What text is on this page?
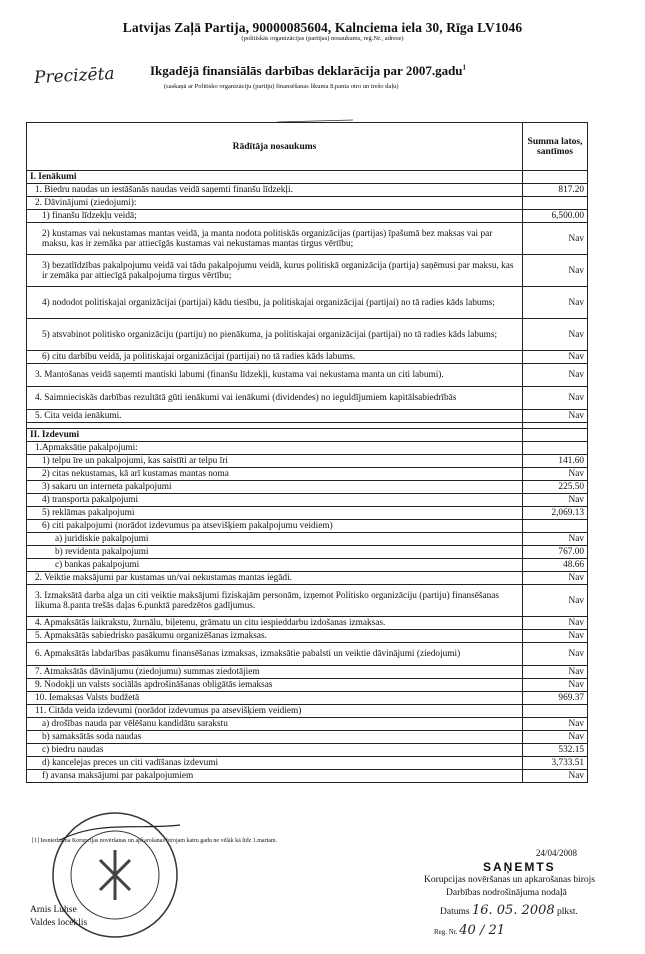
Latvijas Zaļā Partija, 90000085604, Kalnciema iela 30, Rīga LV1046
(politiskās organizācijas (partijas) nosaukums, reģ.Nr., adrese)
Precizēta	Ikgadējā finansiālās darbības deklarācija par 2007.gadu$^1$
(saskaņā ar Politisko organizāciju (partiju) finansēšanas likuma 8.panta otro un trešo daļu)
Rādītāja nosaukums	Summa latos, santīmos
I. Ienākumi	
1. Biedru naudas un iestāšanās naudas veidā saņemti finanšu līdzekļi.	817.20
2. Dāvinājumi (ziedojumi):	
1) finanšu līdzekļu veidā;	6,500.00
2) kustamas vai nekustamas mantas veidā, ja manta nodota politiskās organizācijas (partijas) īpašumā bez maksas vai par maksu, kas ir zemāka par attiecīgās kustamas vai nekustamas mantas tirgus vērtību;	Nav
3) bezatlīdzības pakalpojumu veidā vai tādu pakalpojumu veidā, kurus politiskā organizācija (partija) saņēmusi par maksu, kas ir zemāka par attiecīgā pakalpojuma tirgus vērtību;	Nav
4) nododot politiskajai organizācijai (partijai) kādu tiesību, ja politiskajai organizācijai (partijai) no tā radies kāds labums;	Nav
5) atsvabinot politisko organizāciju (partiju) no pienākuma, ja politiskajai organizācijai (partijai) no tā radies kāds labums;	Nav
6) citu darbību veidā, ja politiskajai organizācijai (partijai) no tā radies kāds labums.	Nav
3. Mantošanas veidā saņemti mantiski labumi (finanšu līdzekļi, kustama vai nekustama manta un citi labumi).	Nav
4. Saimnieciskās darbības rezultātā gūti ienākumi vai ienākumi (dividendes) no ieguldījumiem kapitālsabiedrībās	Nav
5. Cita veida ienākumi.	Nav

II. Izdevumi	
1.Apmaksātie pakalpojumi:	
1) telpu īre un pakalpojumi, kas saistīti ar telpu īri	141.60
2) citas nekustamas, kā arī kustamas mantas noma	Nav
3) sakaru un interneta pakalpojumi	225.50
4) transporta pakalpojumi	Nav
5) reklāmas pakalpojumi	2,069.13
6) citi pakalpojumi (norādot izdevumus pa atsevišķiem pakalpojumu veidiem)	
a) juridiskie pakalpojumi	Nav
b) revidenta pakalpojumi	767.00
c) bankas pakalpojumi	48.66
2. Veiktie maksājumi par kustamas un/vai nekustamas mantas iegādi.	Nav
3. Izmaksātā darba alga un citi veiktie maksājumi fiziskajām personām, izņemot Politisko organizāciju (partiju) finansēšanas likuma 8.panta trešās daļas 6.punktā paredzētos gadījumus.	Nav
4. Apmaksātās laikrakstu, žurnālu, biļetenu, grāmatu un citu iespieddarbu izdošanas izmaksas.	Nav
5. Apmaksātās sabiedrisko pasākumu organizēšanas izmaksas.	Nav
6. Apmaksātās labdarības pasākumu finansēšanas izmaksas, izmaksātie pabalsti un veiktie dāvinājumi (ziedojumi)	Nav
7. Atmaksātās dāvinājumu (ziedojumu) summas ziedotājiem	Nav
9. Nodokļi un valsts sociālās apdrošināšanas obligātās iemaksas	Nav
10. Iemaksas Valsts budžetā	969.37
11. Citāda veida izdevumi (norādot izdevumus pa atsevišķiem veidiem)	
a) drošības nauda par vēlēšanu kandidātu sarakstu	Nav
b) samaksātās soda naudas	Nav
c) biedru naudas	532.15
d) kancelejas preces un citi vadīšanas izdevumi	3,733.51
f) avansa maksājumi par pakalpojumiem	Nav
[1] Iesniedzama Korupcijas novēršanas un apkarošanas birojam katru gadu ne vēlāk kā līdz 1.martam.
Arnis Luhse
Valdes loceklis
24/04/2008
SAŅEMTS
Korupcijas novēršanas un apkarošanas birojs
Darbības nodrošinājuma nodaļā
Datums 16. 05. 2008 plkst.
Reg. Nr. 40 / 21
